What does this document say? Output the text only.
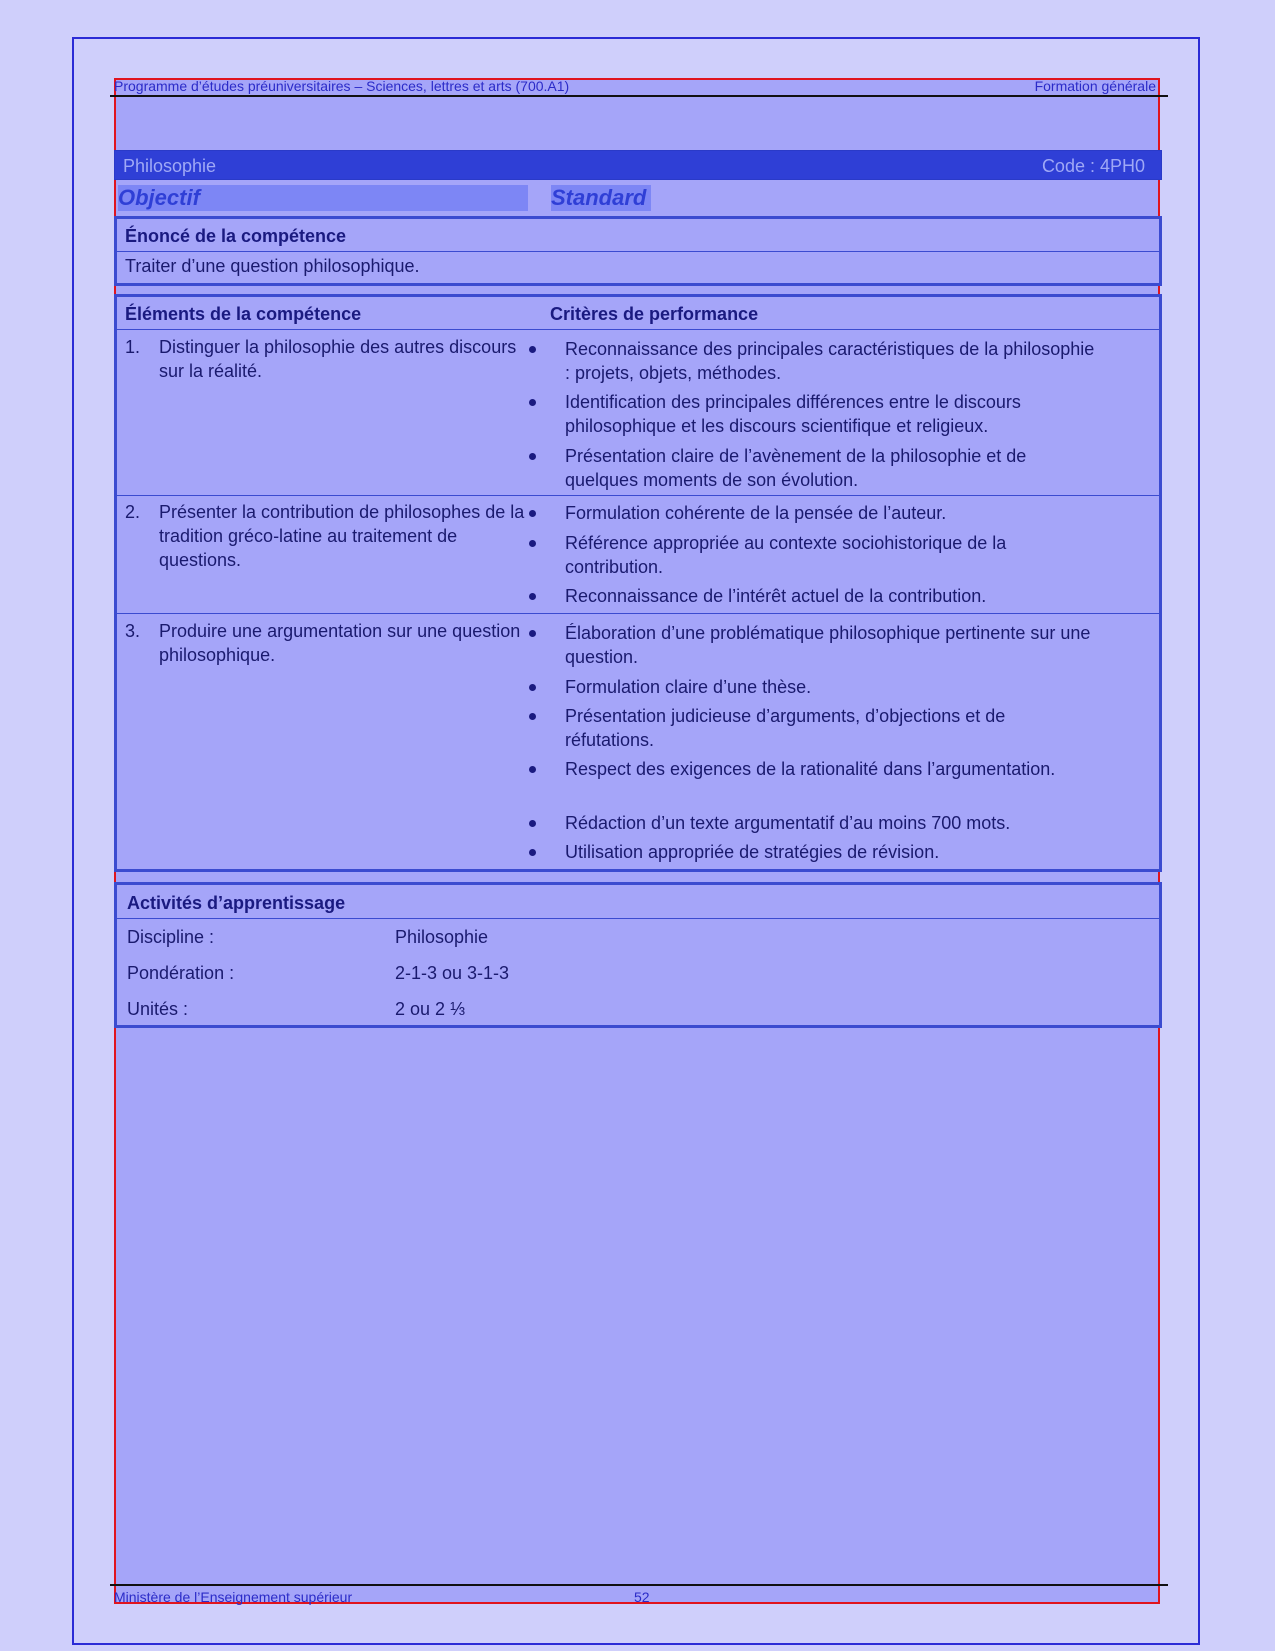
Programme d’études préuniversitaires – Sciences, lettres et arts (700.A1)	Formation générale
Philosophie	Code : 4PH0
Objectif	Standard
Énoncé de la compétence
Traiter d’une question philosophique.
Éléments de la compétence	Critères de performance
1. Distinguer la philosophie des autres discours sur la réalité.
Reconnaissance des principales caractéristiques de la philosophie : projets, objets, méthodes.
Identification des principales différences entre le discours philosophique et les discours scientifique et religieux.
Présentation claire de l’avènement de la philosophie et de quelques moments de son évolution.
2. Présenter la contribution de philosophes de la tradition gréco-latine au traitement de questions.
Formulation cohérente de la pensée de l’auteur.
Référence appropriée au contexte sociohistorique de la contribution.
Reconnaissance de l’intérêt actuel de la contribution.
3. Produire une argumentation sur une question philosophique.
Élaboration d’une problématique philosophique pertinente sur une question.
Formulation claire d’une thèse.
Présentation judicieuse d’arguments, d’objections et de réfutations.
Respect des exigences de la rationalité dans l’argumentation.
Rédaction d’un texte argumentatif d’au moins 700 mots.
Utilisation appropriée de stratégies de révision.
Activités d’apprentissage
Discipline :	Philosophie
Pondération :	2-1-3 ou 3-1-3
Unités :	2 ou 2 ⅓
Ministère de l’Enseignement supérieur	52
